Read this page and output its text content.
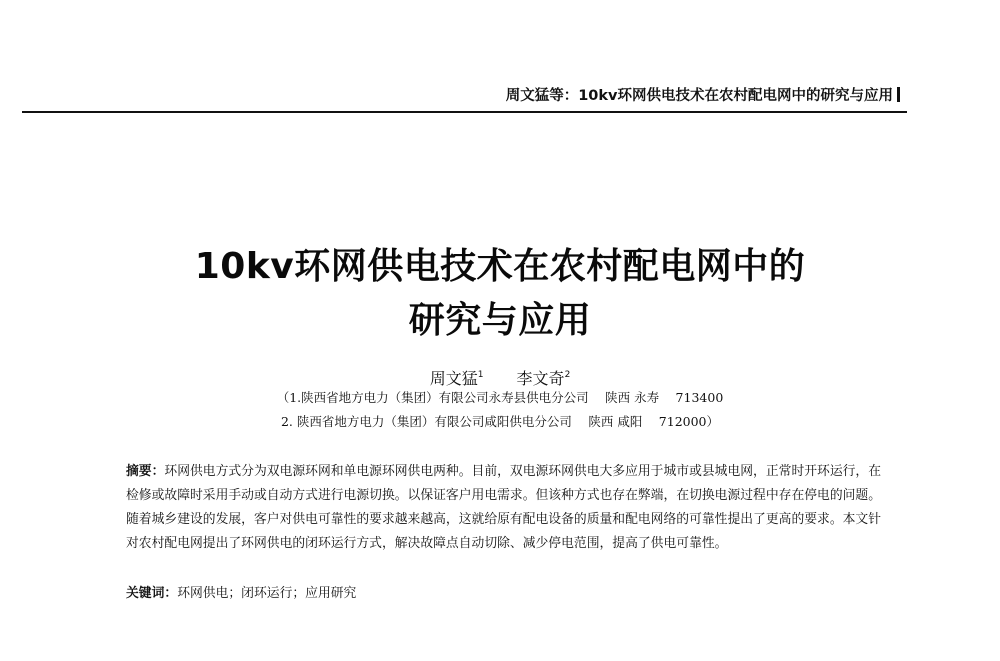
周文猛等：10kv环网供电技术在农村配电网中的研究与应用
10kv环网供电技术在农村配电网中的
研究与应用
周文猛$^1$ 李文奇$^2$
（1.陕西省地方电力（集团）有限公司永寿县供电分公司　 陕西 永寿　 713400
2. 陕西省地方电力（集团）有限公司咸阳供电分公司　 陕西 咸阳　 712000）
摘要：环网供电方式分为双电源环网和单电源环网供电两种。目前，双电源环网供电大多应用于城市或县城电网，正常时开环运行，在检修或故障时采用手动或自动方式进行电源切换。以保证客户用电需求。但该种方式也存在弊端，在切换电源过程中存在停电的问题。随着城乡建设的发展，客户对供电可靠性的要求越来越高，这就给原有配电设备的质量和配电网络的可靠性提出了更高的要求。本文针对农村配电网提出了环网供电的闭环运行方式，解决故障点自动切除、减少停电范围，提高了供电可靠性。
关键词：环网供电；闭环运行；应用研究
